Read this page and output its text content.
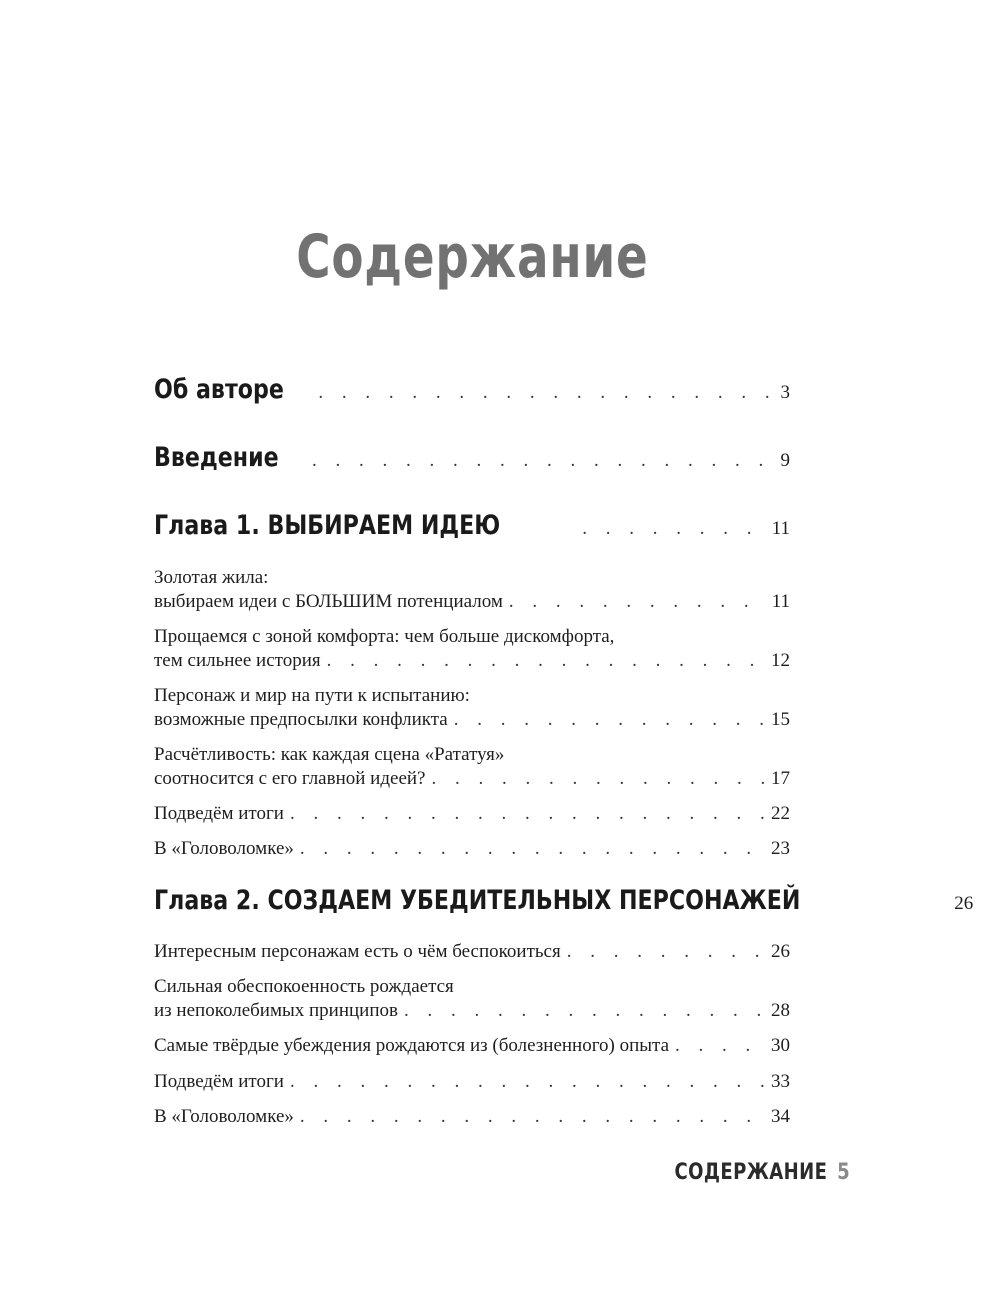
Содержание
Об авторе . . .	3
Введение . . .	9
Глава 1. ВЫБИРАЕМ ИДЕЮ . . .	11
Золотая жила:
выбираем идеи с БОЛЬШИМ потенциалом . . .	11
Прощаемся с зоной комфорта: чем больше дискомфорта,
тем сильнее история . . .	12
Персонаж и мир на пути к испытанию:
возможные предпосылки конфликта . . .	15
Расчётливость: как каждая сцена «Рататуя»
соотносится с его главной идеей? . . .	17
Подведём итоги . . .	22
В «Головоломке» . . .	23
Глава 2. СОЗДАЕМ УБЕДИТЕЛЬНЫХ ПЕРСОНАЖЕЙ	26
Интересным персонажам есть о чём беспокоиться . . .	26
Сильная обеспокоенность рождается
из непоколебимых принципов . . .	28
Самые твёрдые убеждения рождаются из (болезненного) опыта . . .	30
Подведём итоги . . .	33
В «Головоломке» . . .	34
СОДЕРЖАНИЕ 5
